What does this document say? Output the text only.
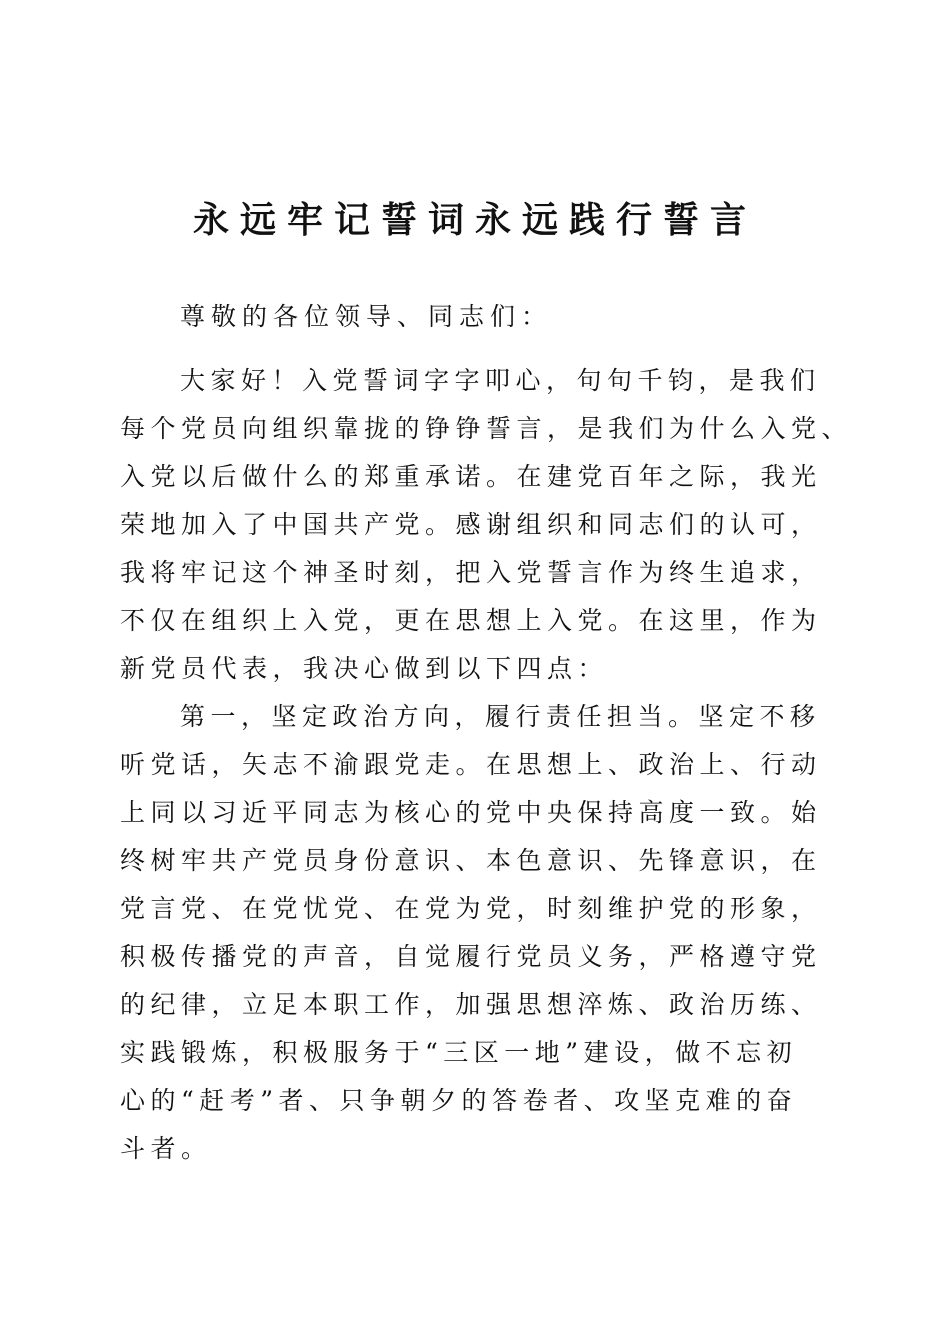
永远牢记誓词永远践行誓言
尊敬的各位领导、同志们：
大家好！入党誓词字字叩心，句句千钧，是我们
每个党员向组织靠拢的铮铮誓言，是我们为什么入党、
入党以后做什么的郑重承诺。在建党百年之际，我光
荣地加入了中国共产党。感谢组织和同志们的认可，
我将牢记这个神圣时刻，把入党誓言作为终生追求，
不仅在组织上入党，更在思想上入党。在这里，作为
新党员代表，我决心做到以下四点：
第一，坚定政治方向，履行责任担当。坚定不移
听党话，矢志不渝跟党走。在思想上、政治上、行动
上同以习近平同志为核心的党中央保持高度一致。始
终树牢共产党员身份意识、本色意识、先锋意识，在
党言党、在党忧党、在党为党，时刻维护党的形象，
积极传播党的声音，自觉履行党员义务，严格遵守党
的纪律，立足本职工作，加强思想淬炼、政治历练、
实践锻炼，积极服务于“三区一地”建设，做不忘初
心的“赶考”者、只争朝夕的答卷者、攻坚克难的奋
斗者。
